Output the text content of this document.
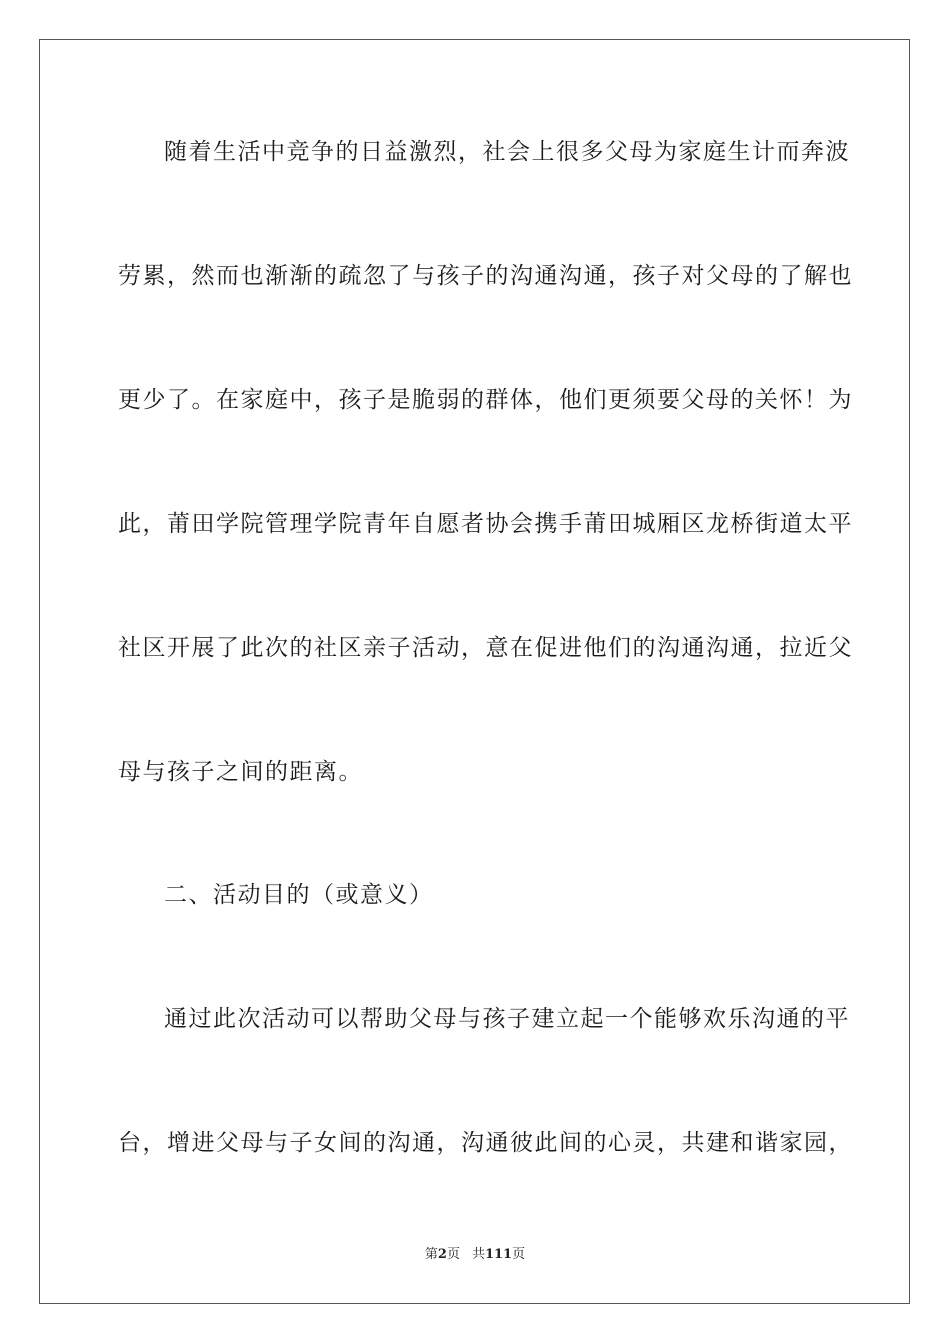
随着生活中竞争的日益激烈，社会上很多父母为家庭生计而奔波
劳累，然而也渐渐的疏忽了与孩子的沟通沟通，孩子对父母的了解也
更少了。在家庭中，孩子是脆弱的群体，他们更须要父母的关怀！为
此，莆田学院管理学院青年自愿者协会携手莆田城厢区龙桥街道太平
社区开展了此次的社区亲子活动，意在促进他们的沟通沟通，拉近父
母与孩子之间的距离。
二、活动目的（或意义）
通过此次活动可以帮助父母与孩子建立起一个能够欢乐沟通的平
台，增进父母与子女间的沟通，沟通彼此间的心灵，共建和谐家园，
第2页 共111页
